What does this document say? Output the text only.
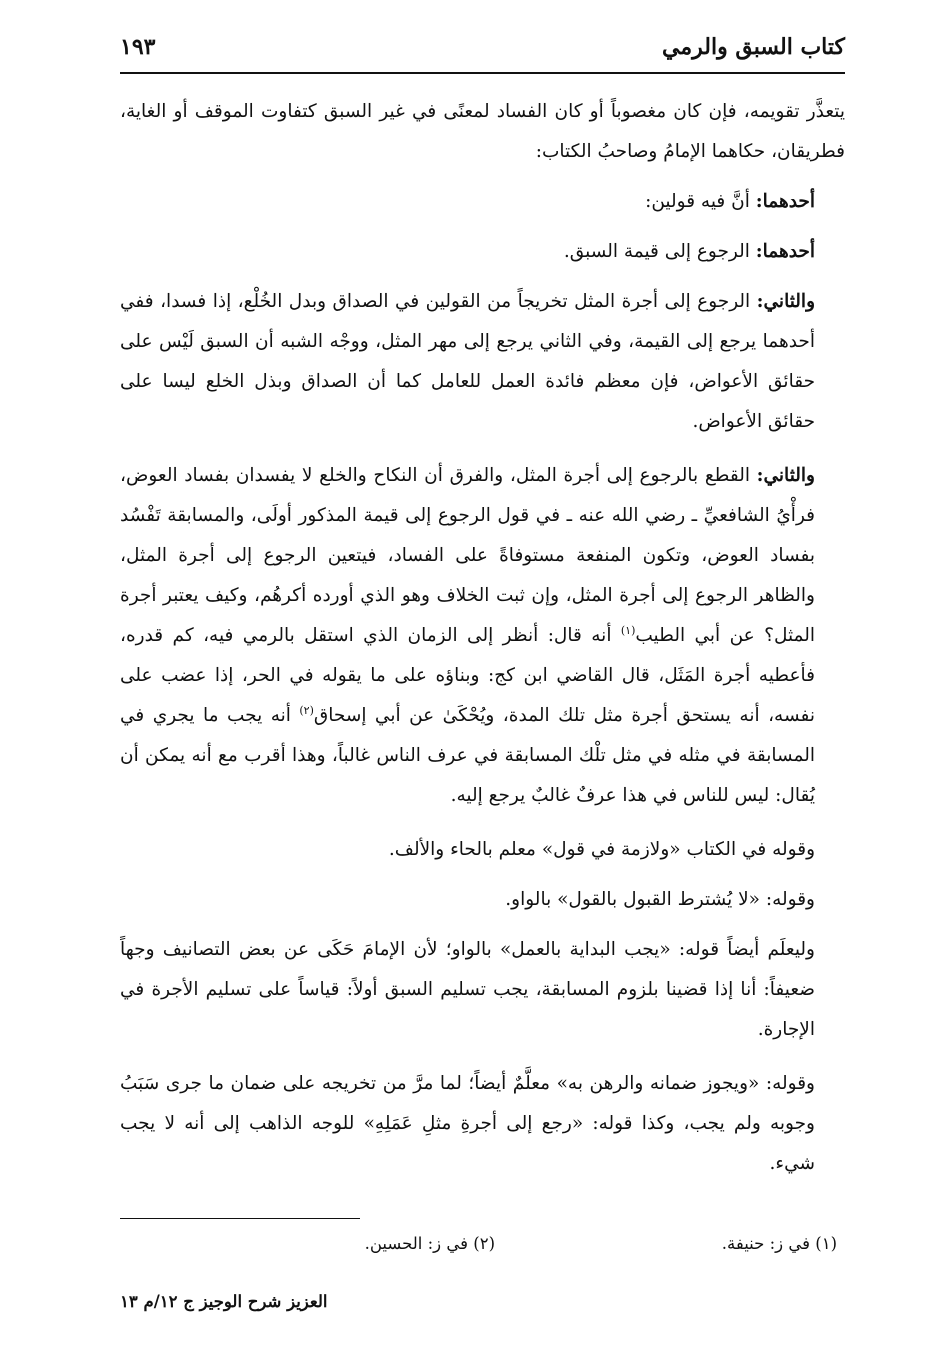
كتاب السبق والرمي
١٩٣

يتعذَّر تقويمه، فإن كان مغصوباً أو كان الفساد لمعنًى في غير السبق كتفاوت الموقف أو الغاية، فطريقان، حكاهما الإمامُ وصاحبُ الكتاب:

أحدهما: أنَّ فيه قولين:

أحدهما: الرجوع إلى قيمة السبق.

والثاني: الرجوع إلى أجرة المثل تخريجاً من القولين في الصداق وبدل الخُلْع، إذا فسدا، ففي أحدهما يرجع إلى القيمة، وفي الثاني يرجع إلى مهر المثل، ووجْه الشبه أن السبق لَيْس على حقائق الأعواض، فإن معظم فائدة العمل للعامل كما أن الصداق وبذل الخلع ليسا على حقائق الأعواض.

والثاني: القطع بالرجوع إلى أجرة المثل، والفرق أن النكاح والخلع لا يفسدان بفساد العوض، فرأْيُ الشافعيِّ ـ رضي الله عنه ـ في قول الرجوع إلى قيمة المذكور أولَى، والمسابقة تَفْسُد بفساد العوض، وتكون المنفعة مستوفاةً على الفساد، فيتعين الرجوع إلى أجرة المثل، والظاهر الرجوع إلى أجرة المثل، وإن ثبت الخلاف وهو الذي أورده أكرهُم، وكيف يعتبر أجرة المثل؟ عن أبي الطيب$^{(١)}$ أنه قال: أنظر إلى الزمان الذي استقل بالرمي فيه، كم قدره، فأعطيه أجرة المَثَل، قال القاضي ابن كج: وبناؤه على ما يقوله في الحر، إذا عضب على نفسه، أنه يستحق أجرة مثل تلك المدة، ويُحْكَىٰ عن أبي إسحاق$^{(٢)}$ أنه يجب ما يجري في المسابقة في مثله في مثل تلْك المسابقة في عرف الناس غالباً، وهذا أقرب مع أنه يمكن أن يُقال: ليس للناس في هذا عرفٌ غالبٌ يرجع إليه.

وقوله في الكتاب «ولازمة في قول» معلم بالحاء والألف.

وقوله: «لا يُشترط القبول بالقول» بالواو.

وليعلَم أيضاً قوله: «يجب البداية بالعمل» بالواو؛ لأن الإمامَ حَكَى عن بعض التصانيف وجهاً ضعيفاً: أنا إذا قضينا بلزوم المسابقة، يجب تسليم السبق أولاً: قياساً على تسليم الأجرة في الإجارة.

وقوله: «ويجوز ضمانه والرهن به» معلَّمٌ أيضاً؛ لما مرَّ من تخريجه على ضمان ما جرى سَبَبُ وجوبه ولم يجب، وكذا قوله: «رجع إلى أجرةِ مثلِ عَمَلِهِ» للوجه الذاهب إلى أنه لا يجب شيء.

(١) في ز: حنيفة.
(٢) في ز: الحسين.
العزيز شرح الوجيز ج ١٢/م ١٣
